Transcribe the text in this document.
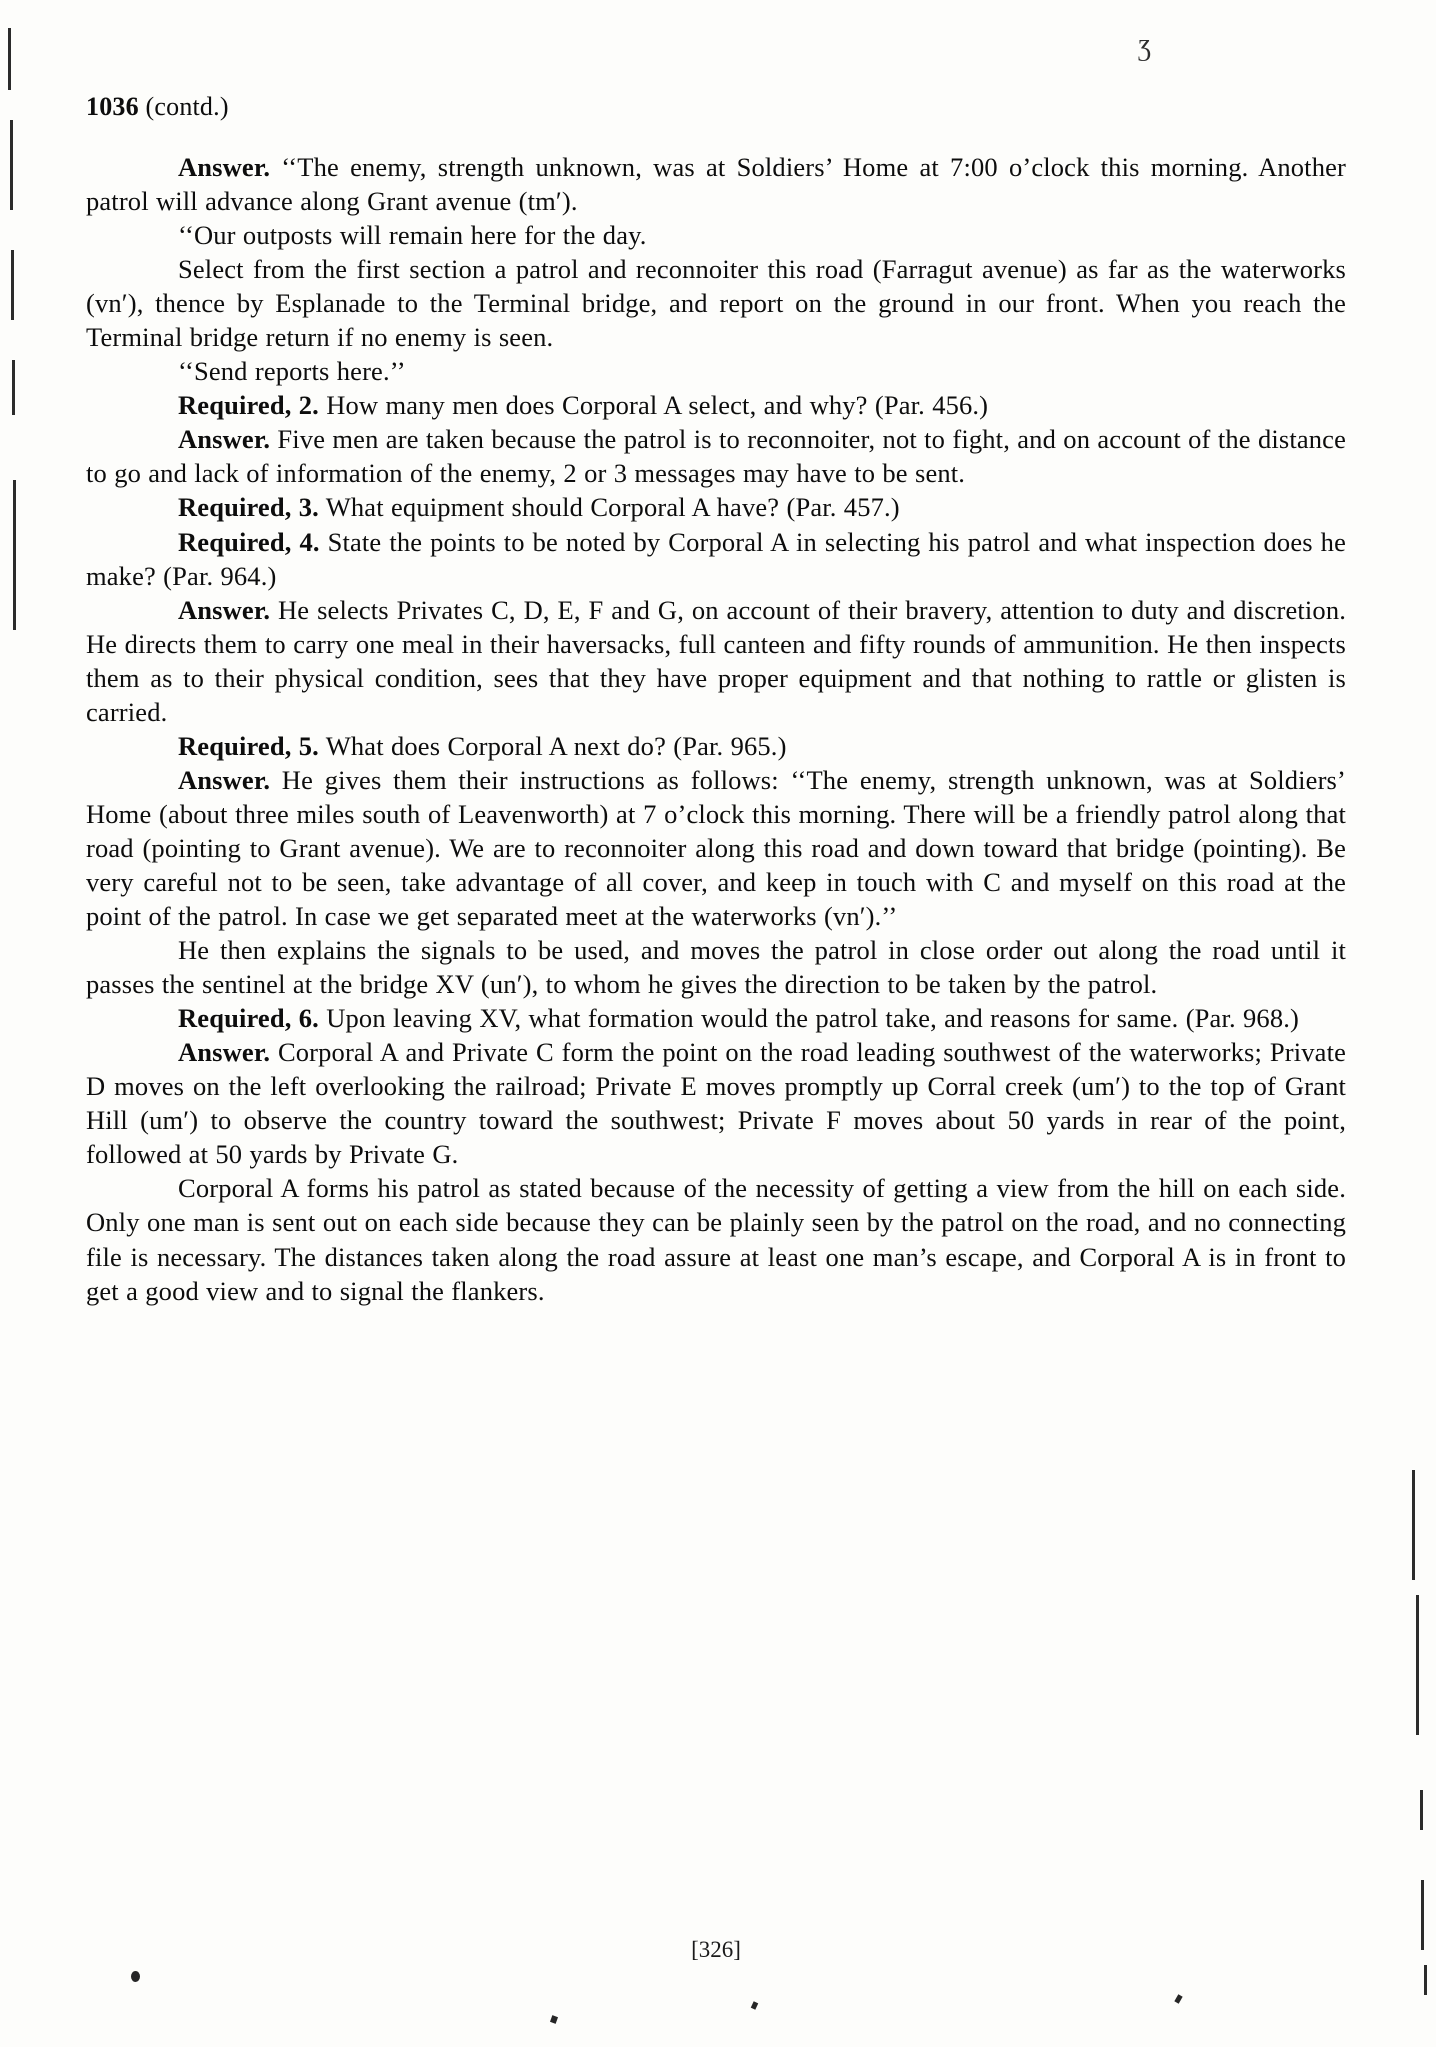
Ʒ
1036 (contd.)

Answer. ‘‘The enemy, strength unknown, was at Soldiers’ Home at 7:00 o’clock this morning. Another patrol will advance along Grant avenue (tm′).

‘‘Our outposts will remain here for the day.

Select from the first section a patrol and reconnoiter this road (Farragut avenue) as far as the waterworks (vn′), thence by Esplanade to the Terminal bridge, and report on the ground in our front. When you reach the Terminal bridge return if no enemy is seen.

‘‘Send reports here.’’

Required, 2. How many men does Corporal A select, and why? (Par. 456.)

Answer. Five men are taken because the patrol is to reconnoiter, not to fight, and on account of the distance to go and lack of information of the enemy, 2 or 3 messages may have to be sent.

Required, 3. What equipment should Corporal A have? (Par. 457.)

Required, 4. State the points to be noted by Corporal A in selecting his patrol and what inspection does he make? (Par. 964.)

Answer. He selects Privates C, D, E, F and G, on account of their bravery, attention to duty and discretion. He directs them to carry one meal in their haversacks, full canteen and fifty rounds of ammunition. He then inspects them as to their physical condition, sees that they have proper equipment and that nothing to rattle or glisten is carried.

Required, 5. What does Corporal A next do? (Par. 965.)

Answer. He gives them their instructions as follows: ‘‘The enemy, strength unknown, was at Soldiers’ Home (about three miles south of Leavenworth) at 7 o’clock this morning. There will be a friendly patrol along that road (pointing to Grant avenue). We are to reconnoiter along this road and down toward that bridge (pointing). Be very careful not to be seen, take advantage of all cover, and keep in touch with C and myself on this road at the point of the patrol. In case we get separated meet at the waterworks (vn′).’’

He then explains the signals to be used, and moves the patrol in close order out along the road until it passes the sentinel at the bridge XV (un′), to whom he gives the direction to be taken by the patrol.

Required, 6. Upon leaving XV, what formation would the patrol take, and reasons for same. (Par. 968.)

Answer. Corporal A and Private C form the point on the road leading southwest of the waterworks; Private D moves on the left overlooking the railroad; Private E moves promptly up Corral creek (um′) to the top of Grant Hill (um′) to observe the country toward the southwest; Private F moves about 50 yards in rear of the point, followed at 50 yards by Private G.

Corporal A forms his patrol as stated because of the necessity of getting a view from the hill on each side. Only one man is sent out on each side because they can be plainly seen by the patrol on the road, and no connecting file is necessary. The distances taken along the road assure at least one man’s escape, and Corporal A is in front to get a good view and to signal the flankers.

[326]
